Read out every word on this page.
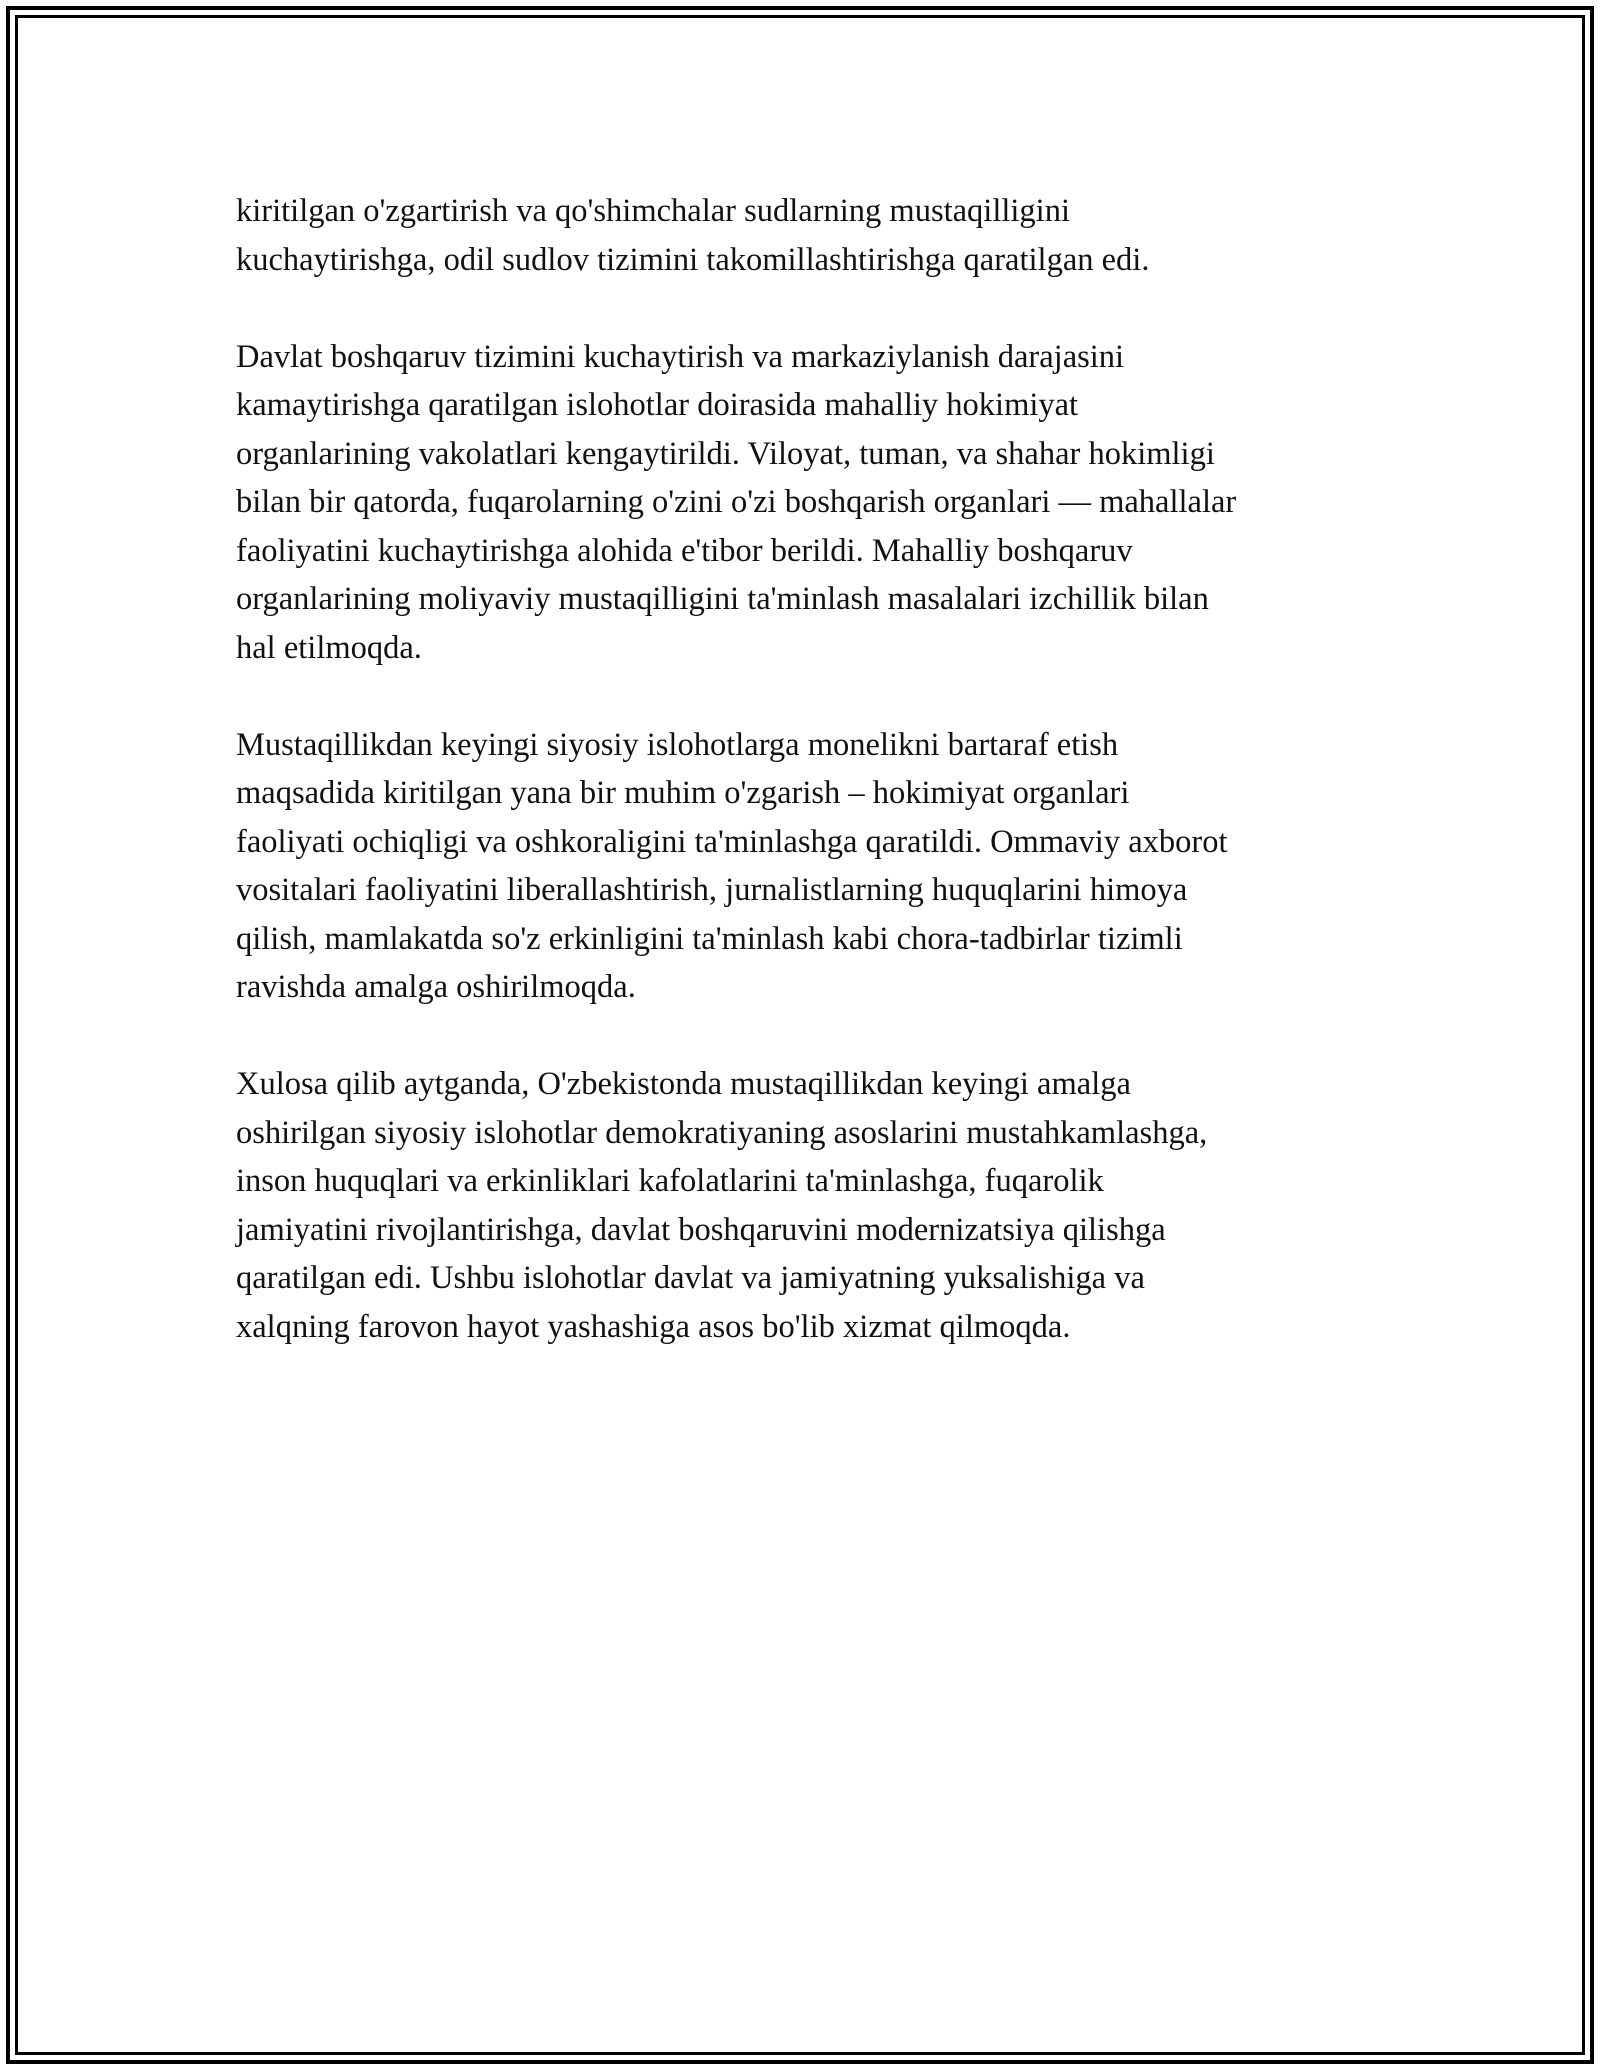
kiritilgan o'zgartirish va qo'shimchalar sudlarning mustaqilligini
kuchaytirishga, odil sudlov tizimini takomillashtirishga qaratilgan edi.

Davlat boshqaruv tizimini kuchaytirish va markaziylanish darajasini
kamaytirishga qaratilgan islohotlar doirasida mahalliy hokimiyat
organlarining vakolatlari kengaytirildi. Viloyat, tuman, va shahar hokimligi
bilan bir qatorda, fuqarolarning o'zini o'zi boshqarish organlari — mahallalar
faoliyatini kuchaytirishga alohida e'tibor berildi. Mahalliy boshqaruv
organlarining moliyaviy mustaqilligini ta'minlash masalalari izchillik bilan
hal etilmoqda.

Mustaqillikdan keyingi siyosiy islohotlarga monelikni bartaraf etish
maqsadida kiritilgan yana bir muhim o'zgarish – hokimiyat organlari
faoliyati ochiqligi va oshkoraligini ta'minlashga qaratildi. Ommaviy axborot
vositalari faoliyatini liberallashtirish, jurnalistlarning huquqlarini himoya
qilish, mamlakatda so'z erkinligini ta'minlash kabi chora-tadbirlar tizimli
ravishda amalga oshirilmoqda.

Xulosa qilib aytganda, O'zbekistonda mustaqillikdan keyingi amalga
oshirilgan siyosiy islohotlar demokratiyaning asoslarini mustahkamlashga,
inson huquqlari va erkinliklari kafolatlarini ta'minlashga, fuqarolik
jamiyatini rivojlantirishga, davlat boshqaruvini modernizatsiya qilishga
qaratilgan edi. Ushbu islohotlar davlat va jamiyatning yuksalishiga va
xalqning farovon hayot yashashiga asos bo'lib xizmat qilmoqda.
